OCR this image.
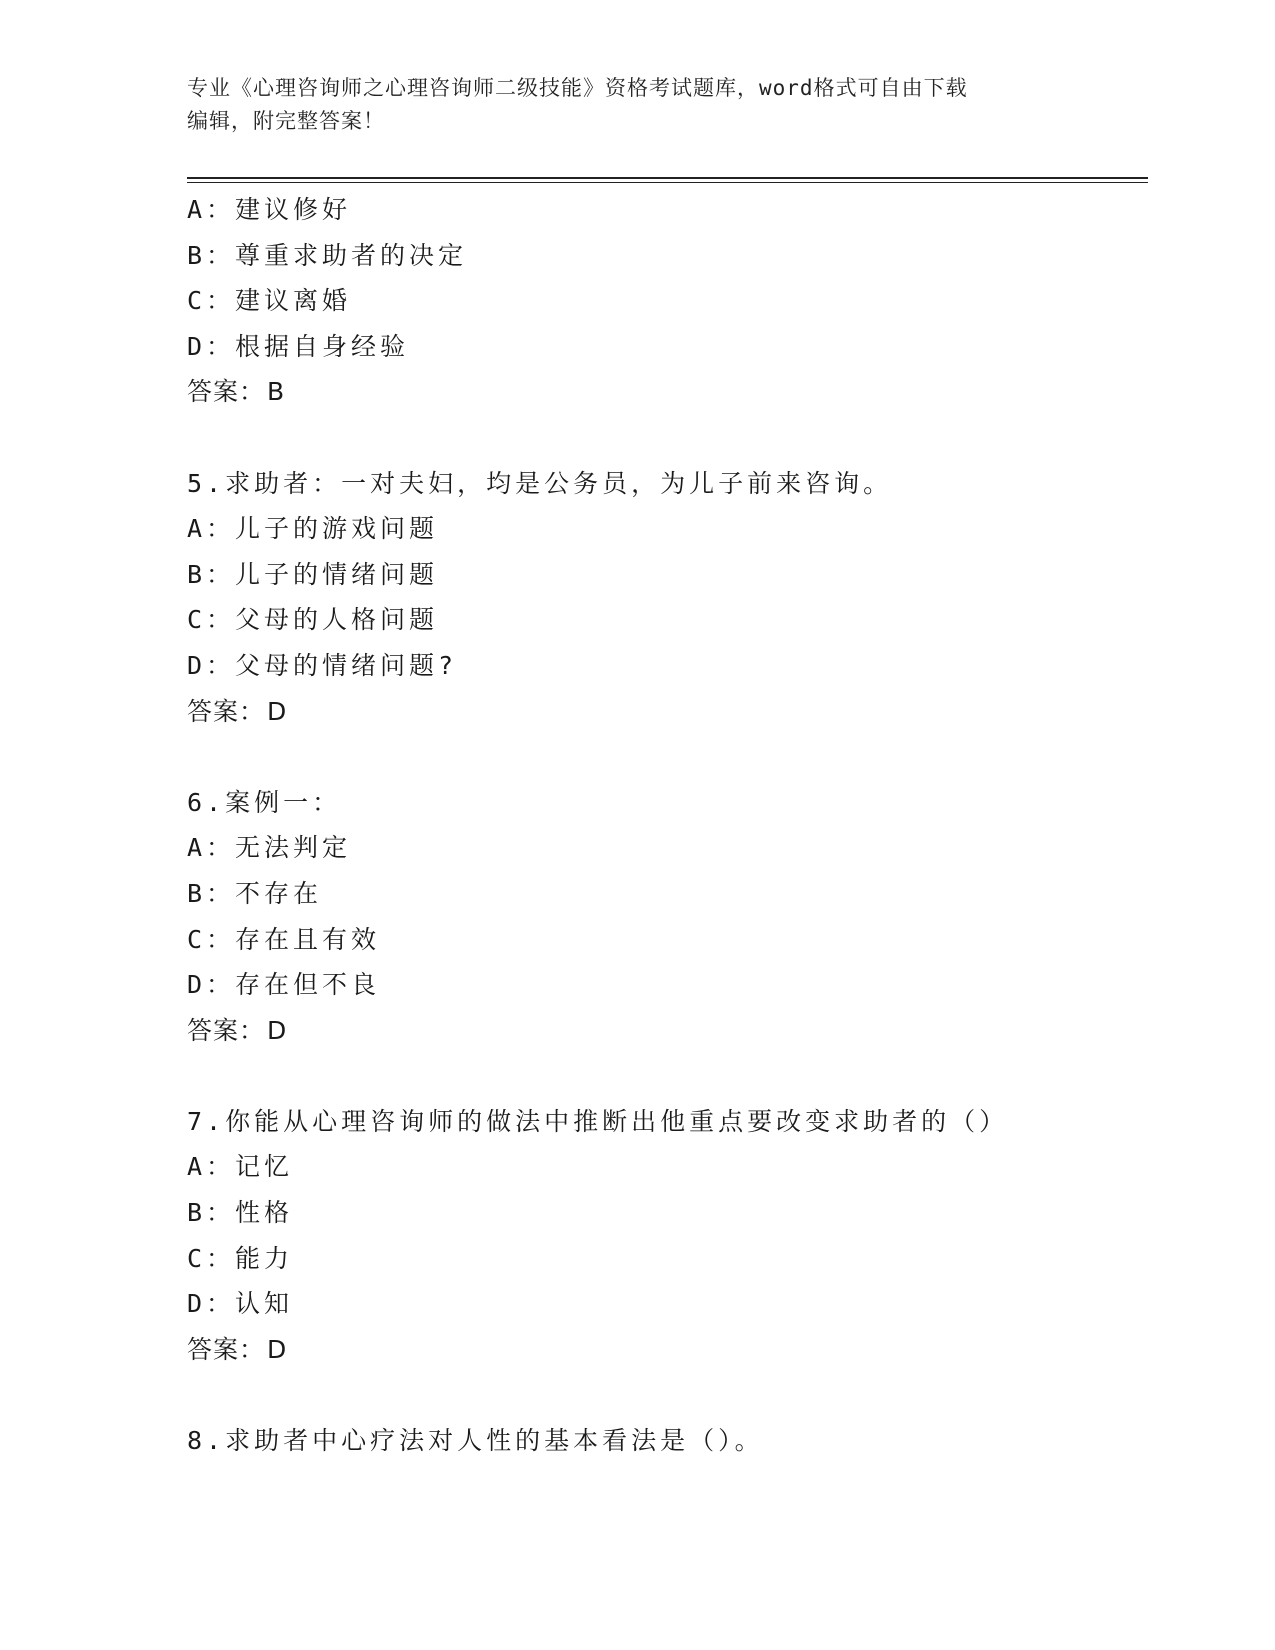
专业《心理咨询师之心理咨询师二级技能》资格考试题库，word格式可自由下载
编辑，附完整答案！
A：建议修好
B：尊重求助者的决定
C：建议离婚
D：根据自身经验
答案：B
5.求助者：一对夫妇，均是公务员，为儿子前来咨询。
A：儿子的游戏问题
B：儿子的情绪问题
C：父母的人格问题
D：父母的情绪问题?
答案：D
6.案例一：
A：无法判定
B：不存在
C：存在且有效
D：存在但不良
答案：D
7.你能从心理咨询师的做法中推断出他重点要改变求助者的（）
A：记忆
B：性格
C：能力
D：认知
答案：D
8.求助者中心疗法对人性的基本看法是（）。
